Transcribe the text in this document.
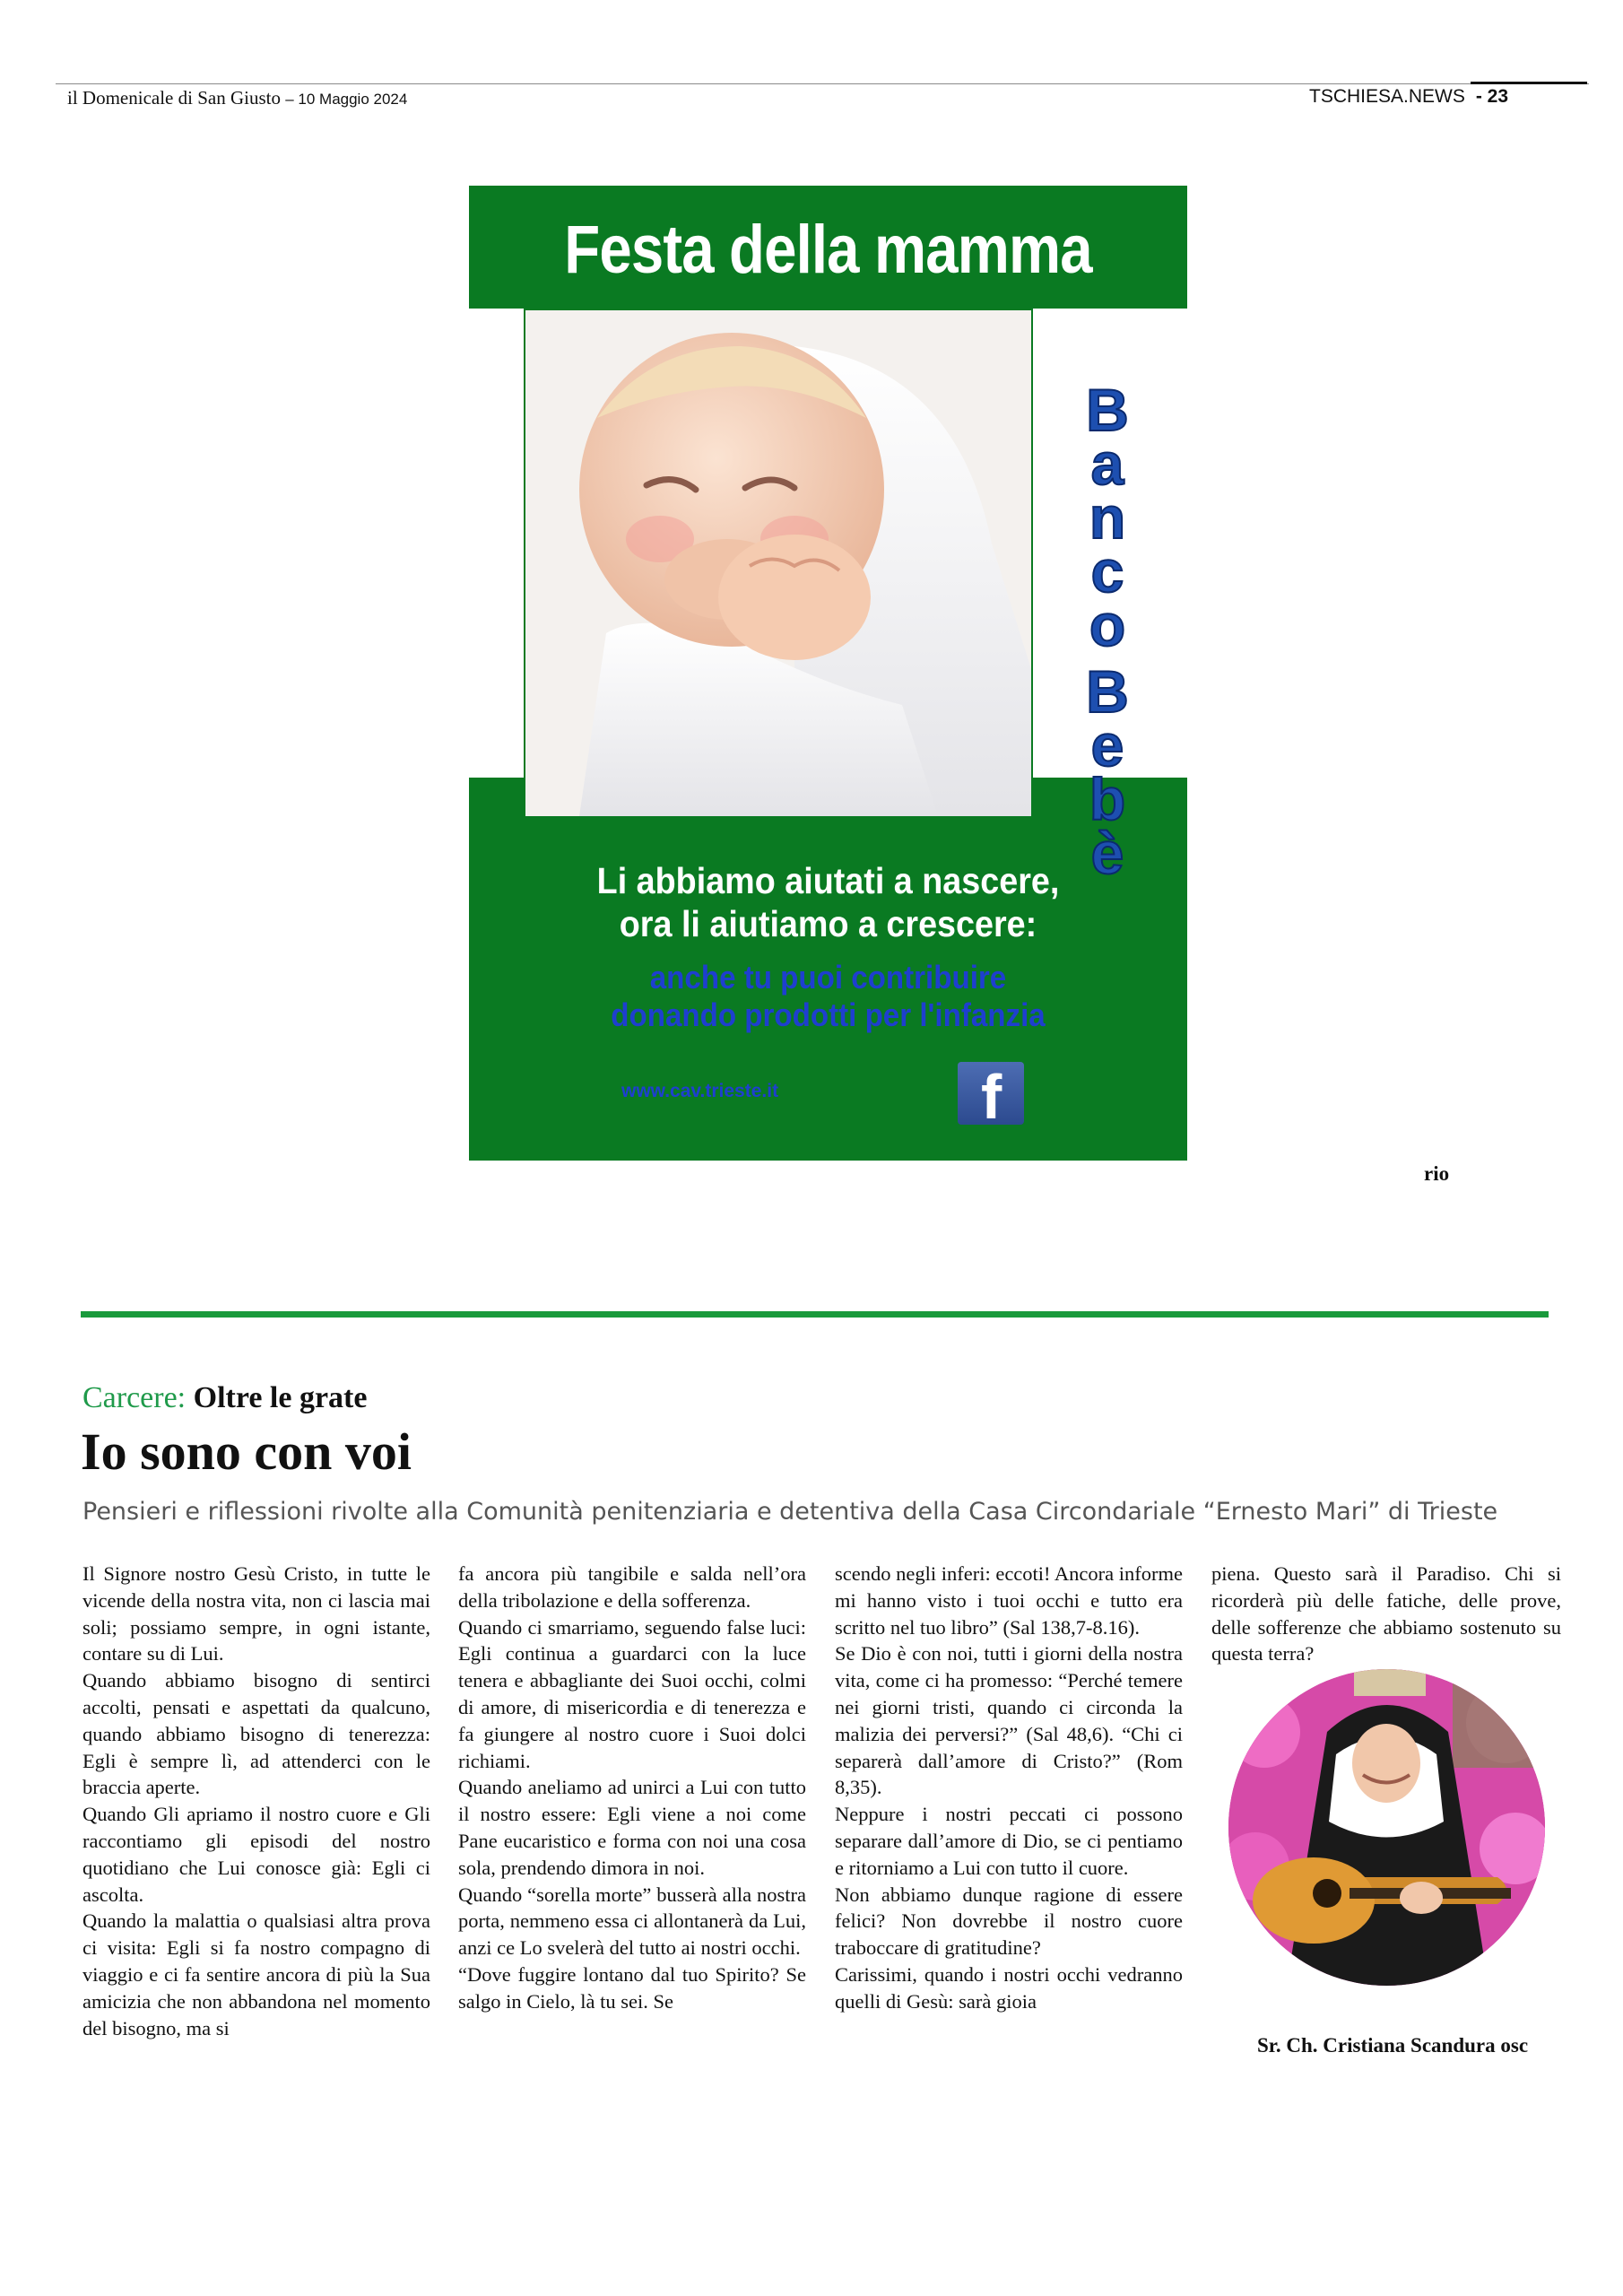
il Domenicale di San Giusto – 10 Maggio 2024	TSCHIESA.NEWS - 23
Festa della mamma
B
a
n
c
o
B
e
b
è
Li abbiamo aiutati a nascere,
ora li aiutiamo a crescere:
anche tu puoi contribuire
donando prodotti per l'infanzia
www.cav.trieste.it	f
rio
Carcere: Oltre le grate
Io sono con voi
Pensieri e riflessioni rivolte alla Comunità penitenziaria e detentiva della Casa Circondariale “Ernesto Mari” di Trieste

Il Signore nostro Gesù Cristo, in tutte le vicende della nostra vita, non ci lascia mai soli; possiamo sempre, in ogni istante, contare su di Lui.

Quando abbiamo bisogno di sentirci accolti, pensati e aspettati da qualcuno, quando abbiamo bisogno di tenerezza: Egli è sempre lì, ad attenderci con le braccia aperte.

Quando Gli apriamo il nostro cuore e Gli raccontiamo gli episodi del nostro quotidiano che Lui conosce già: Egli ci ascolta.

Quando la malattia o qualsiasi altra prova ci visita: Egli si fa nostro compagno di viaggio e ci fa sentire ancora di più la Sua amicizia che non abbandona nel momento del bisogno, ma si

fa ancora più tangibile e salda nell’ora della tribolazione e della sofferenza.

Quando ci smarriamo, seguendo false luci: Egli continua a guardarci con la luce tenera e abbagliante dei Suoi occhi, colmi di amore, di misericordia e di tenerezza e fa giungere al nostro cuore i Suoi dolci richiami.

Quando aneliamo ad unirci a Lui con tutto il nostro essere: Egli viene a noi come Pane eucaristico e forma con noi una cosa sola, prendendo dimora in noi.

Quando “sorella morte” busserà alla nostra porta, nemmeno essa ci allontanerà da Lui, anzi ce Lo svelerà del tutto ai nostri occhi.

“Dove fuggire lontano dal tuo Spirito? Se salgo in Cielo, là tu sei. Se

scendo negli inferi: eccoti! Ancora informe mi hanno visto i tuoi occhi e tutto era scritto nel tuo libro” (Sal 138,7-8.16).

Se Dio è con noi, tutti i giorni della nostra vita, come ci ha promesso: “Perché temere nei giorni tristi, quando ci circonda la malizia dei perversi?” (Sal 48,6). “Chi ci separerà dall’amore di Cristo?” (Rom 8,35).

Neppure i nostri peccati ci possono separare dall’amore di Dio, se ci pentiamo e ritorniamo a Lui con tutto il cuore.

Non abbiamo dunque ragione di essere felici? Non dovrebbe il nostro cuore traboccare di gratitudine?

Carissimi, quando i nostri occhi vedranno quelli di Gesù: sarà gioia

piena. Questo sarà il Paradiso. Chi si ricorderà più delle fatiche, delle prove, delle sofferenze che abbiamo sostenuto su questa terra?

Sr. Ch. Cristiana Scandura osc
